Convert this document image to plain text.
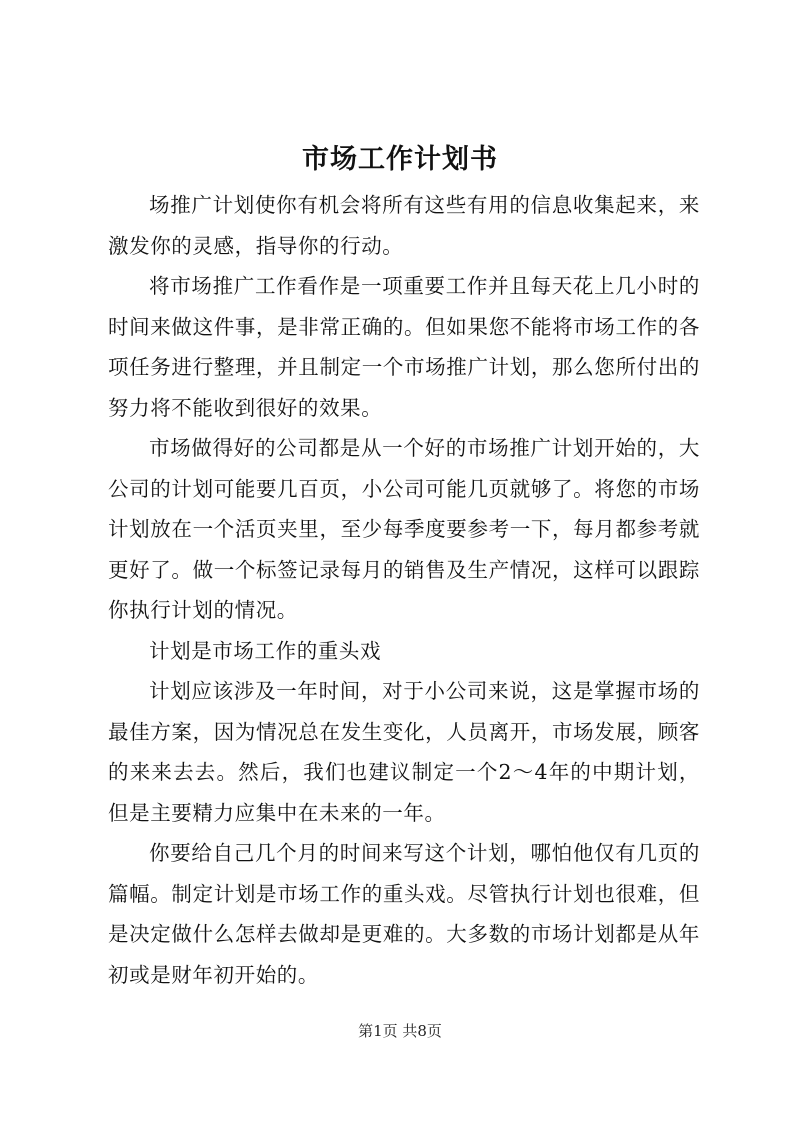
市场工作计划书

场推广计划使你有机会将所有这些有用的信息收集起来，来激发你的灵感，指导你的行动。

将市场推广工作看作是一项重要工作并且每天花上几小时的时间来做这件事，是非常正确的。但如果您不能将市场工作的各项任务进行整理，并且制定一个市场推广计划，那么您所付出的努力将不能收到很好的效果。

市场做得好的公司都是从一个好的市场推广计划开始的，大公司的计划可能要几百页，小公司可能几页就够了。将您的市场计划放在一个活页夹里，至少每季度要参考一下，每月都参考就更好了。做一个标签记录每月的销售及生产情况，这样可以跟踪你执行计划的情况。

计划是市场工作的重头戏

计划应该涉及一年时间，对于小公司来说，这是掌握市场的最佳方案，因为情况总在发生变化，人员离开，市场发展，顾客的来来去去。然后，我们也建议制定一个2～4年的中期计划，但是主要精力应集中在未来的一年。

你要给自己几个月的时间来写这个计划，哪怕他仅有几页的篇幅。制定计划是市场工作的重头戏。尽管执行计划也很难，但是决定做什么怎样去做却是更难的。大多数的市场计划都是从年初或是财年初开始的。

第1页 共8页
